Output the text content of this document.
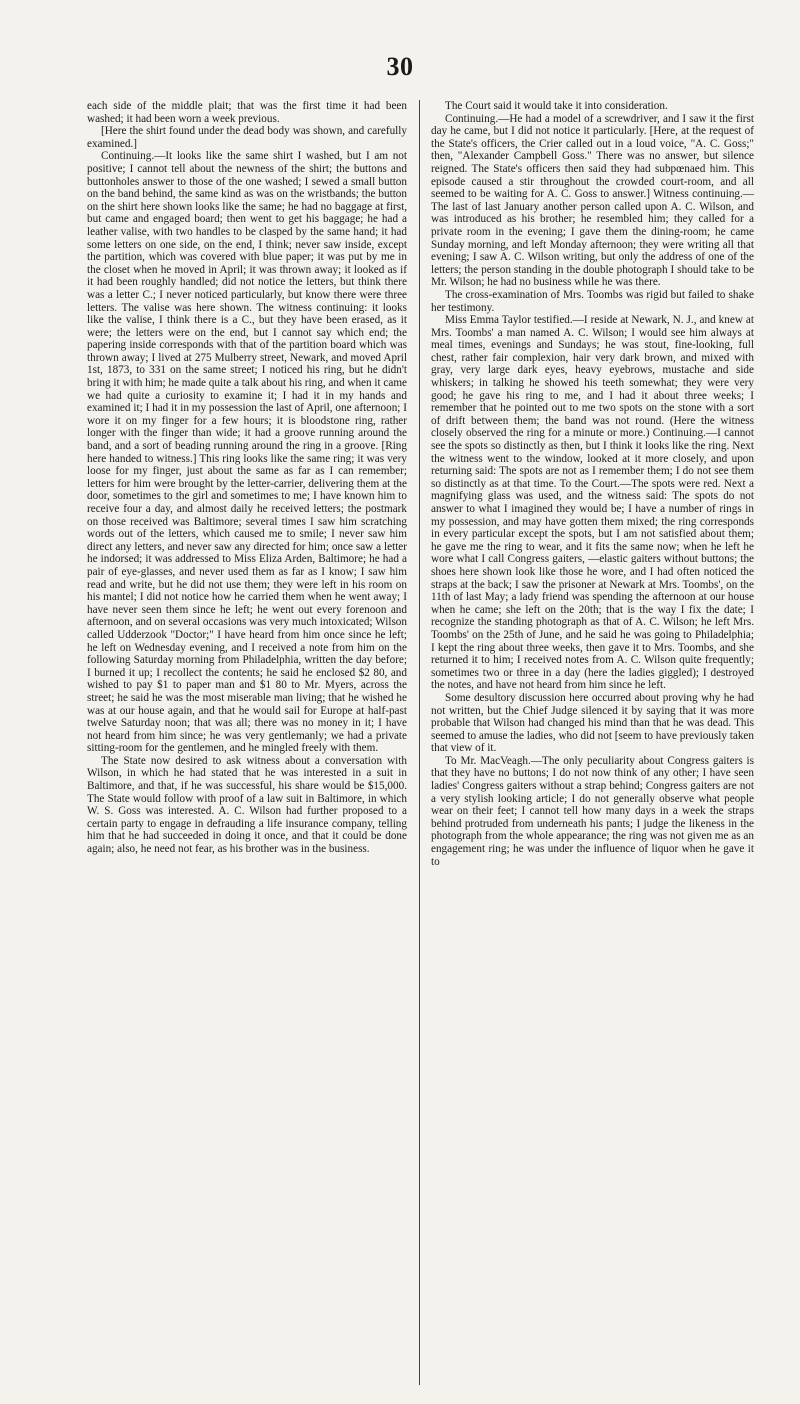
30

each side of the middle plait; that was the first time it had been washed; it had been worn a week previous.

[Here the shirt found under the dead body was shown, and carefully examined.]

Continuing.—It looks like the same shirt I washed, but I am not positive; I cannot tell about the newness of the shirt; the buttons and buttonholes answer to those of the one washed; I sewed a small button on the band behind, the same kind as was on the wristbands; the button on the shirt here shown looks like the same; he had no baggage at first, but came and engaged board; then went to get his baggage; he had a leather valise, with two handles to be clasped by the same hand; it had some letters on one side, on the end, I think; never saw inside, except the partition, which was covered with blue paper; it was put by me in the closet when he moved in April; it was thrown away; it looked as if it had been roughly handled; did not notice the letters, but think there was a letter C.; I never noticed particularly, but know there were three letters. The valise was here shown. The witness continuing: it looks like the valise, I think there is a C., but they have been erased, as it were; the letters were on the end, but I cannot say which end; the papering inside corresponds with that of the partition board which was thrown away; I lived at 275 Mulberry street, Newark, and moved April 1st, 1873, to 331 on the same street; I noticed his ring, but he didn't bring it with him; he made quite a talk about his ring, and when it came we had quite a curiosity to examine it; I had it in my hands and examined it; I had it in my possession the last of April, one afternoon; I wore it on my finger for a few hours; it is bloodstone ring, rather longer with the finger than wide; it had a groove running around the band, and a sort of beading running around the ring in a groove. [Ring here handed to witness.] This ring looks like the same ring; it was very loose for my finger, just about the same as far as I can remember; letters for him were brought by the letter-carrier, delivering them at the door, sometimes to the girl and sometimes to me; I have known him to receive four a day, and almost daily he received letters; the postmark on those received was Baltimore; several times I saw him scratching words out of the letters, which caused me to smile; I never saw him direct any letters, and never saw any directed for him; once saw a letter he indorsed; it was addressed to Miss Eliza Arden, Baltimore; he had a pair of eye-glasses, and never used them as far as I know; I saw him read and write, but he did not use them; they were left in his room on his mantel; I did not notice how he carried them when he went away; I have never seen them since he left; he went out every forenoon and afternoon, and on several occasions was very much intoxicated; Wilson called Udderzook "Doctor;" I have heard from him once since he left; he left on Wednesday evening, and I received a note from him on the following Saturday morning from Philadelphia, written the day before; I burned it up; I recollect the contents; he said he enclosed $2 80, and wished to pay $1 to paper man and $1 80 to Mr. Myers, across the street; he said he was the most miserable man living; that he wished he was at our house again, and that he would sail for Europe at half-past twelve Saturday noon; that was all; there was no money in it; I have not heard from him since; he was very gentlemanly; we had a private sitting-room for the gentlemen, and he mingled freely with them.

The State now desired to ask witness about a conversation with Wilson, in which he had stated that he was interested in a suit in Baltimore, and that, if he was successful, his share would be $15,000. The State would follow with proof of a law suit in Baltimore, in which W. S. Goss was interested. A. C. Wilson had further proposed to a certain party to engage in defrauding a life insurance company, telling him that he had succeeded in doing it once, and that it could be done again; also, he need not fear, as his brother was in the business.

The Court said it would take it into consideration.

Continuing.—He had a model of a screwdriver, and I saw it the first day he came, but I did not notice it particularly. [Here, at the request of the State's officers, the Crier called out in a loud voice, "A. C. Goss;" then, "Alexander Campbell Goss." There was no answer, but silence reigned. The State's officers then said they had subpœnaed him. This episode caused a stir throughout the crowded court-room, and all seemed to be waiting for A. C. Goss to answer.] Witness continuing.—The last of last January another person called upon A. C. Wilson, and was introduced as his brother; he resembled him; they called for a private room in the evening; I gave them the dining-room; he came Sunday morning, and left Monday afternoon; they were writing all that evening; I saw A. C. Wilson writing, but only the address of one of the letters; the person standing in the double photograph I should take to be Mr. Wilson; he had no business while he was there.

The cross-examination of Mrs. Toombs was rigid but failed to shake her testimony.

Miss Emma Taylor testified.—I reside at Newark, N. J., and knew at Mrs. Toombs' a man named A. C. Wilson; I would see him always at meal times, evenings and Sundays; he was stout, fine-looking, full chest, rather fair complexion, hair very dark brown, and mixed with gray, very large dark eyes, heavy eyebrows, mustache and side whiskers; in talking he showed his teeth somewhat; they were very good; he gave his ring to me, and I had it about three weeks; I remember that he pointed out to me two spots on the stone with a sort of drift between them; the band was not round. (Here the witness closely observed the ring for a minute or more.) Continuing.—I cannot see the spots so distinctly as then, but I think it looks like the ring. Next the witness went to the window, looked at it more closely, and upon returning said: The spots are not as I remember them; I do not see them so distinctly as at that time. To the Court.—The spots were red. Next a magnifying glass was used, and the witness said: The spots do not answer to what I imagined they would be; I have a number of rings in my possession, and may have gotten them mixed; the ring corresponds in every particular except the spots, but I am not satisfied about them; he gave me the ring to wear, and it fits the same now; when he left he wore what I call Congress gaiters, —elastic gaiters without buttons; the shoes here shown look like those he wore, and I had often noticed the straps at the back; I saw the prisoner at Newark at Mrs. Toombs', on the 11th of last May; a lady friend was spending the afternoon at our house when he came; she left on the 20th; that is the way I fix the date; I recognize the standing photograph as that of A. C. Wilson; he left Mrs. Toombs' on the 25th of June, and he said he was going to Philadelphia; I kept the ring about three weeks, then gave it to Mrs. Toombs, and she returned it to him; I received notes from A. C. Wilson quite frequently; sometimes two or three in a day (here the ladies giggled); I destroyed the notes, and have not heard from him since he left.

Some desultory discussion here occurred about proving why he had not written, but the Chief Judge silenced it by saying that it was more probable that Wilson had changed his mind than that he was dead. This seemed to amuse the ladies, who did not [seem to have previously taken that view of it.

To Mr. MacVeagh.—The only peculiarity about Congress gaiters is that they have no buttons; I do not now think of any other; I have seen ladies' Congress gaiters without a strap behind; Congress gaiters are not a very stylish looking article; I do not generally observe what people wear on their feet; I cannot tell how many days in a week the straps behind protruded from underneath his pants; I judge the likeness in the photograph from the whole appearance; the ring was not given me as an engagement ring; he was under the influence of liquor when he gave it to
